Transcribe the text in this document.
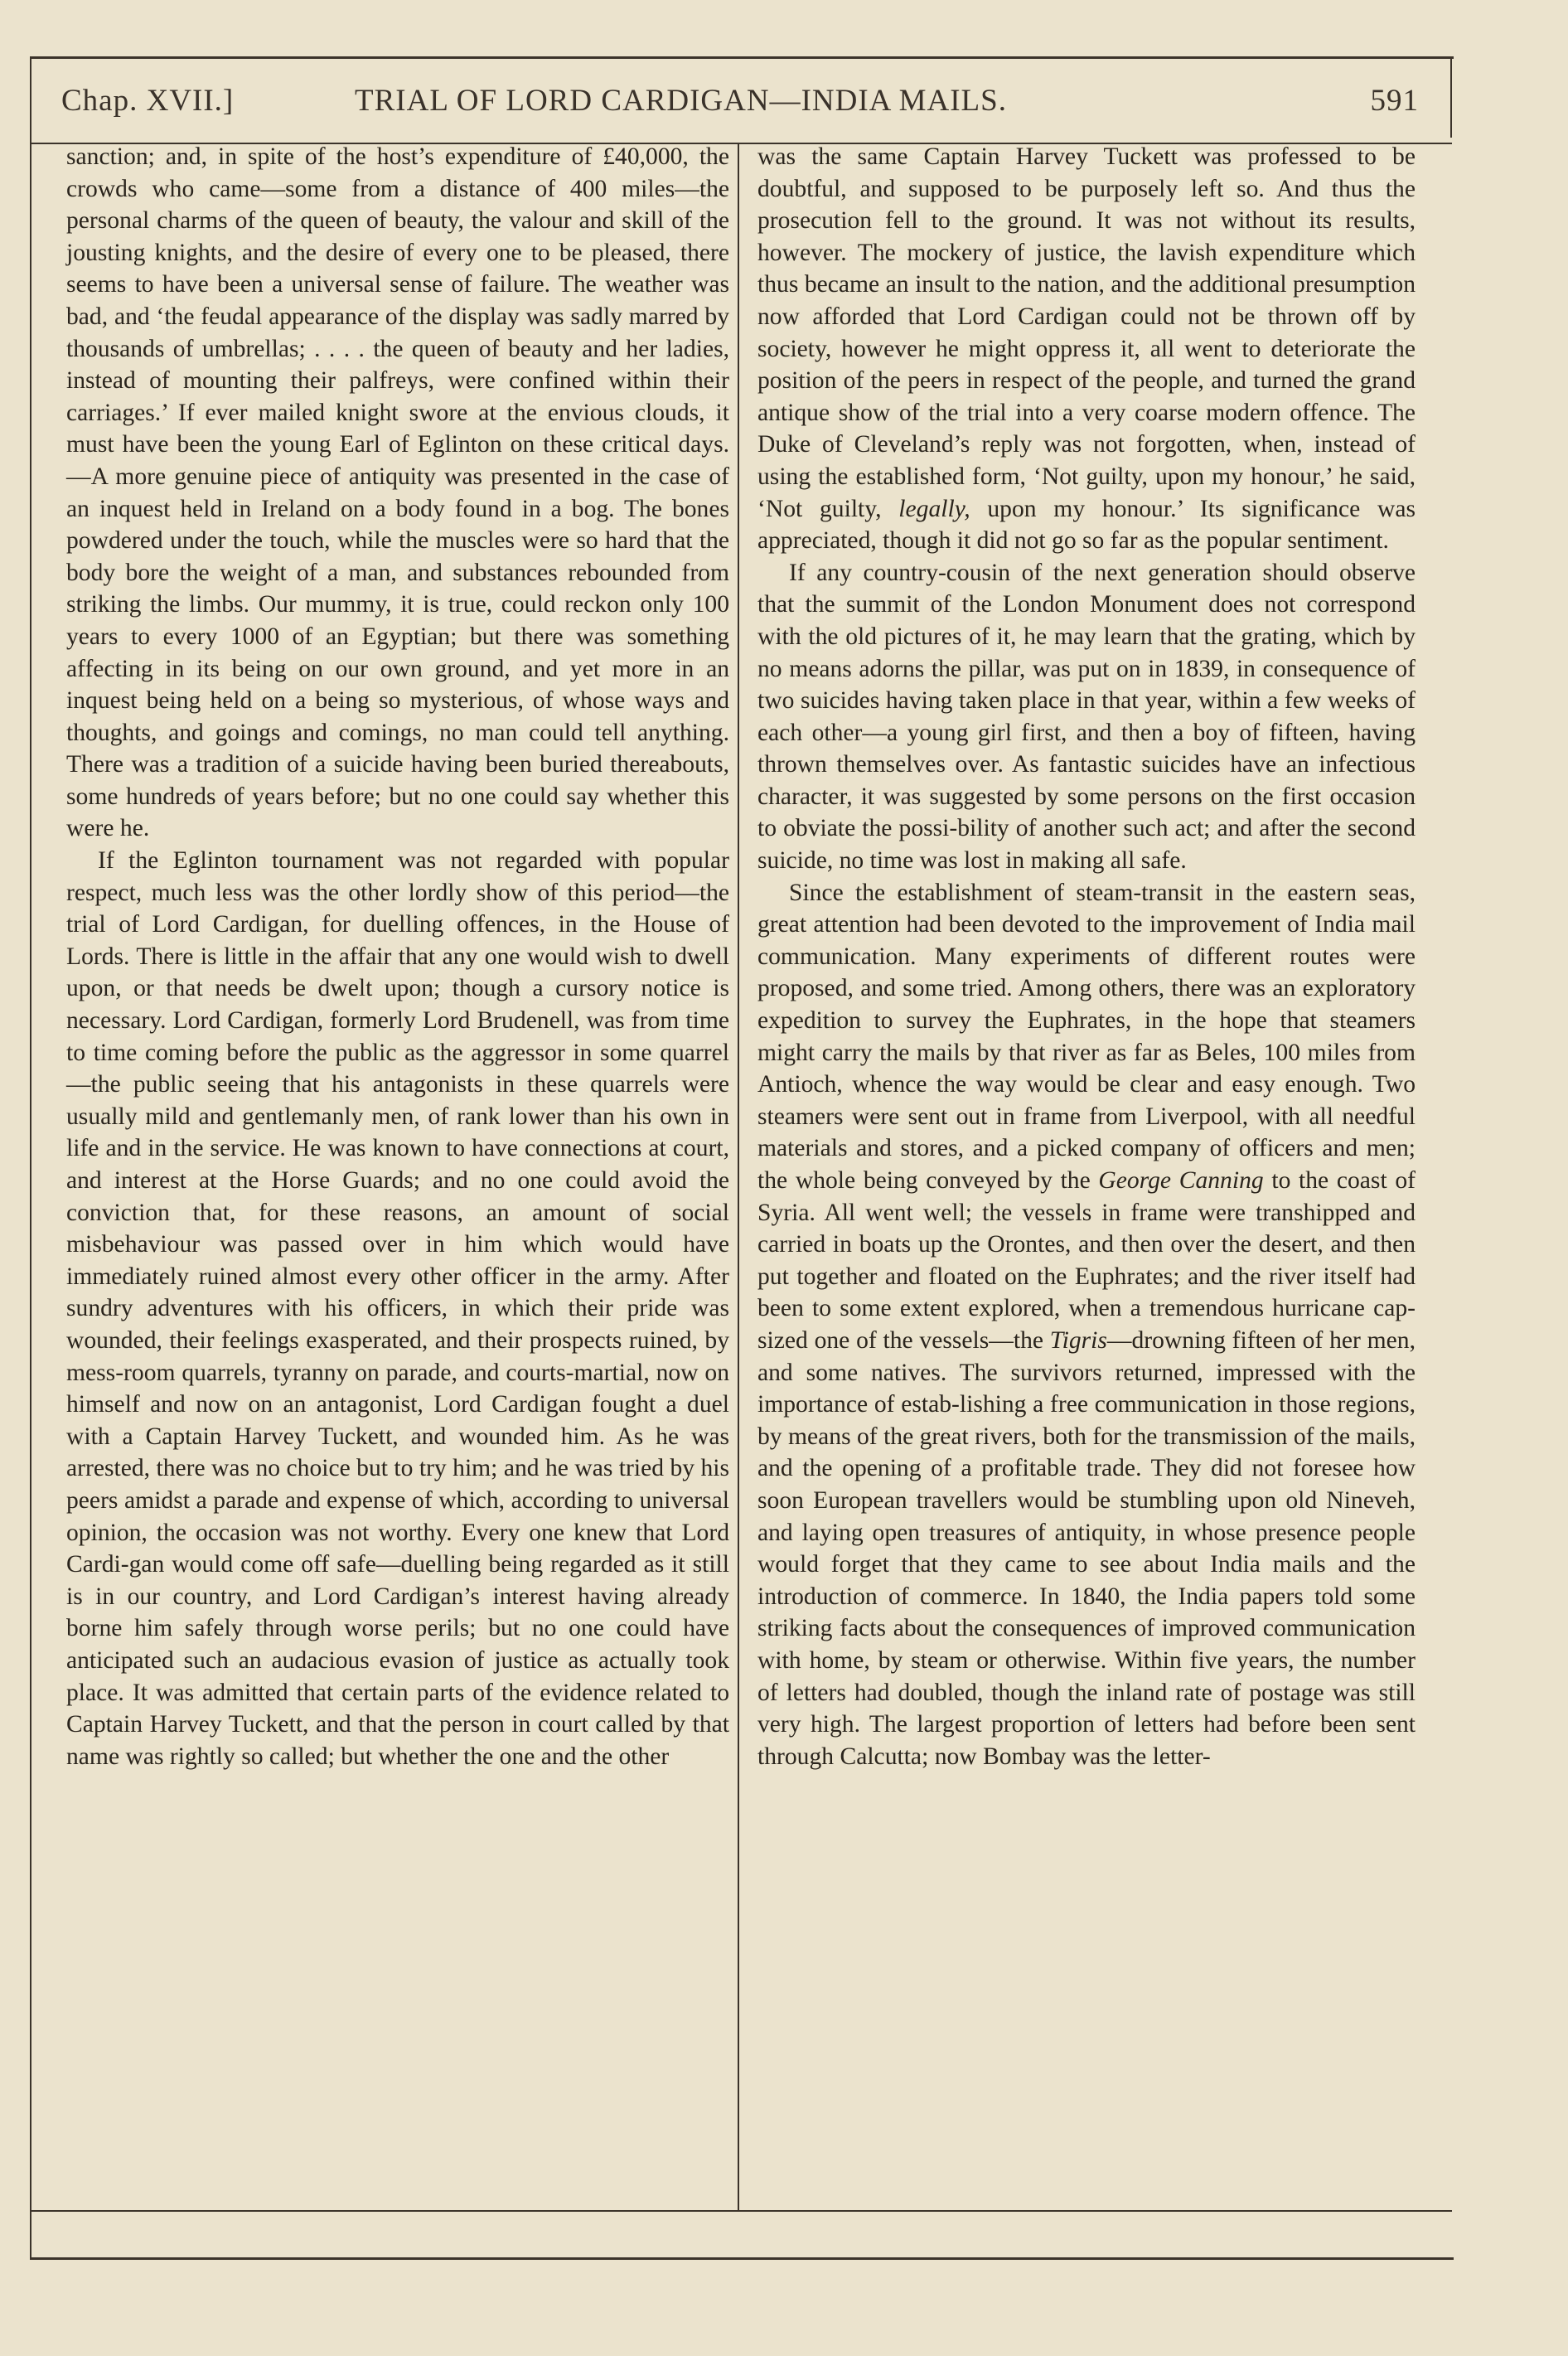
Chap. XVII.]	TRIAL OF LORD CARDIGAN—INDIA MAILS.	591

sanction; and, in spite of the host’s expenditure of £40,000, the crowds who came—some from a distance of 400 miles—the personal charms of the queen of beauty, the valour and skill of the jousting knights, and the desire of every one to be pleased, there seems to have been a universal sense of failure. The weather was bad, and ‘the feudal appearance of the display was sadly marred by thousands of umbrellas; . . . . the queen of beauty and her ladies, instead of mounting their palfreys, were confined within their carriages.’ If ever mailed knight swore at the envious clouds, it must have been the young Earl of Eglinton on these critical days.—A more genuine piece of antiquity was presented in the case of an inquest held in Ireland on a body found in a bog. The bones powdered under the touch, while the muscles were so hard that the body bore the weight of a man, and substances rebounded from striking the limbs. Our mummy, it is true, could reckon only 100 years to every 1000 of an Egyptian; but there was something affecting in its being on our own ground, and yet more in an inquest being held on a being so mysterious, of whose ways and thoughts, and goings and comings, no man could tell anything. There was a tradition of a suicide having been buried thereabouts, some hundreds of years before; but no one could say whether this were he.

If the Eglinton tournament was not regarded with popular respect, much less was the other lordly show of this period—the trial of Lord Cardigan, for duelling offences, in the House of Lords. There is little in the affair that any one would wish to dwell upon, or that needs be dwelt upon; though a cursory notice is necessary. Lord Cardigan, formerly Lord Brudenell, was from time to time coming before the public as the aggressor in some quarrel—the public seeing that his antagonists in these quarrels were usually mild and gentlemanly men, of rank lower than his own in life and in the service. He was known to have connections at court, and interest at the Horse Guards; and no one could avoid the conviction that, for these reasons, an amount of social misbehaviour was passed over in him which would have immediately ruined almost every other officer in the army. After sundry adventures with his officers, in which their pride was wounded, their feelings exasperated, and their prospects ruined, by mess-room quarrels, tyranny on parade, and courts-martial, now on himself and now on an antagonist, Lord Cardigan fought a duel with a Captain Harvey Tuckett, and wounded him. As he was arrested, there was no choice but to try him; and he was tried by his peers amidst a parade and expense of which, according to universal opinion, the occasion was not worthy. Every one knew that Lord Cardi-gan would come off safe—duelling being regarded as it still is in our country, and Lord Cardigan’s interest having already borne him safely through worse perils; but no one could have anticipated such an audacious evasion of justice as actually took place. It was admitted that certain parts of the evidence related to Captain Harvey Tuckett, and that the person in court called by that name was rightly so called; but whether the one and the other

was the same Captain Harvey Tuckett was professed to be doubtful, and supposed to be purposely left so. And thus the prosecution fell to the ground. It was not without its results, however. The mockery of justice, the lavish expenditure which thus became an insult to the nation, and the additional presumption now afforded that Lord Cardigan could not be thrown off by society, however he might oppress it, all went to deteriorate the position of the peers in respect of the people, and turned the grand antique show of the trial into a very coarse modern offence. The Duke of Cleveland’s reply was not forgotten, when, instead of using the established form, ‘Not guilty, upon my honour,’ he said, ‘Not guilty, legally, upon my honour.’ Its significance was appreciated, though it did not go so far as the popular sentiment.

If any country-cousin of the next generation should observe that the summit of the London Monument does not correspond with the old pictures of it, he may learn that the grating, which by no means adorns the pillar, was put on in 1839, in consequence of two suicides having taken place in that year, within a few weeks of each other—a young girl first, and then a boy of fifteen, having thrown themselves over. As fantastic suicides have an infectious character, it was suggested by some persons on the first occasion to obviate the possi-bility of another such act; and after the second suicide, no time was lost in making all safe.

Since the establishment of steam-transit in the eastern seas, great attention had been devoted to the improvement of India mail communication. Many experiments of different routes were proposed, and some tried. Among others, there was an exploratory expedition to survey the Euphrates, in the hope that steamers might carry the mails by that river as far as Beles, 100 miles from Antioch, whence the way would be clear and easy enough. Two steamers were sent out in frame from Liverpool, with all needful materials and stores, and a picked company of officers and men; the whole being conveyed by the George Canning to the coast of Syria. All went well; the vessels in frame were transhipped and carried in boats up the Orontes, and then over the desert, and then put together and floated on the Euphrates; and the river itself had been to some extent explored, when a tremendous hurricane cap-sized one of the vessels—the Tigris—drowning fifteen of her men, and some natives. The survivors returned, impressed with the importance of estab-lishing a free communication in those regions, by means of the great rivers, both for the transmission of the mails, and the opening of a profitable trade. They did not foresee how soon European travellers would be stumbling upon old Nineveh, and laying open treasures of antiquity, in whose presence people would forget that they came to see about India mails and the introduction of commerce. In 1840, the India papers told some striking facts about the consequences of improved communication with home, by steam or otherwise. Within five years, the number of letters had doubled, though the inland rate of postage was still very high. The largest proportion of letters had before been sent through Calcutta; now Bombay was the letter-
